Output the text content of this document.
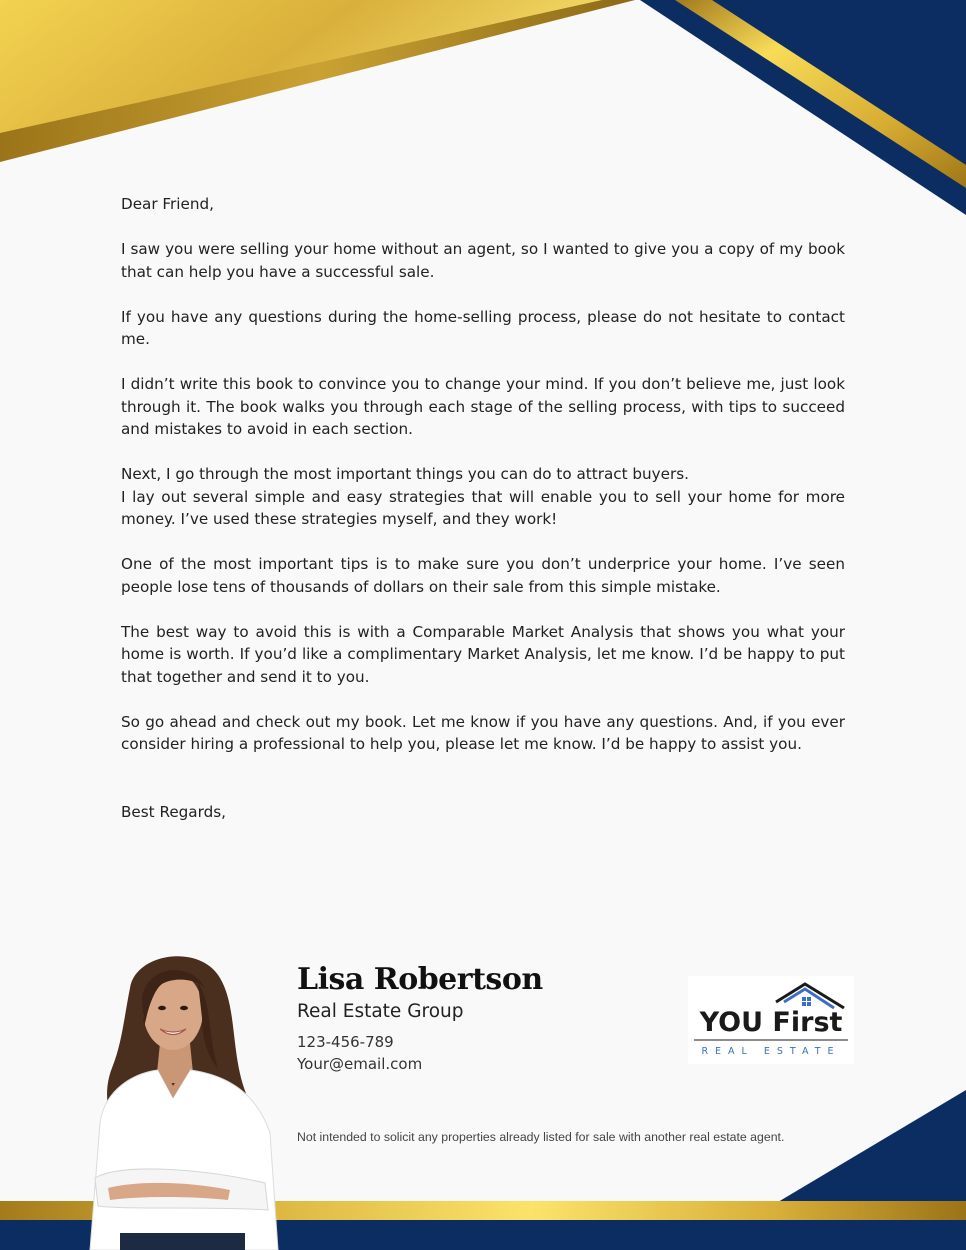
Dear Friend,

I saw you were selling your home without an agent, so I wanted to give you a copy of my book that can help you have a successful sale.

If you have any questions during the home-selling process, please do not hesitate to contact me.

I didn’t write this book to convince you to change your mind. If you don’t believe me, just look through it. The book walks you through each stage of the selling process, with tips to succeed and mistakes to avoid in each section.

Next, I go through the most important things you can do to attract buyers.

I lay out several simple and easy strategies that will enable you to sell your home for more money. I’ve used these strategies myself, and they work!

One of the most important tips is to make sure you don’t underprice your home. I’ve seen people lose tens of thousands of dollars on their sale from this simple mistake.

The best way to avoid this is with a Comparable Market Analysis that shows you what your home is worth. If you’d like a complimentary Market Analysis, let me know. I’d be happy to put that together and send it to you.

So go ahead and check out my book. Let me know if you have any questions. And, if you ever consider hiring a professional to help you, please let me know. I’d be happy to assist you.

Best Regards,

Lisa Robertson
Real Estate Group
123-456-789
Your@email.com
YOU First
REAL ESTATE
Not intended to solicit any properties already listed for sale with another real estate agent.
